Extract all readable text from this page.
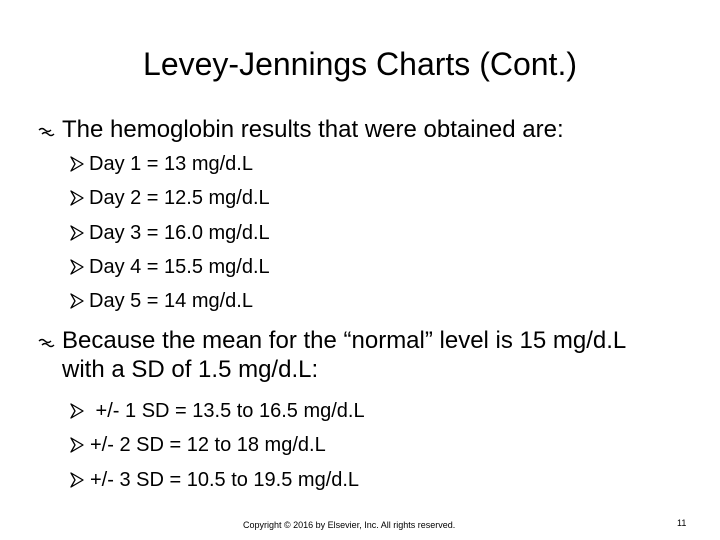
Levey-Jennings Charts (Cont.)
The hemoglobin results that were obtained are:
Day 1 = 13 mg/d.L
Day 2 = 12.5 mg/d.L
Day 3 = 16.0 mg/d.L
Day 4 = 15.5 mg/d.L
Day 5 = 14 mg/d.L
Because the mean for the “normal” level is 15 mg/d.L with a SD of 1.5 mg/d.L:
+/- 1 SD = 13.5 to 16.5 mg/d.L
+/- 2 SD = 12 to 18 mg/d.L
+/- 3 SD = 10.5 to 19.5 mg/d.L
Copyright © 2016 by Elsevier, Inc. All rights reserved.	11
